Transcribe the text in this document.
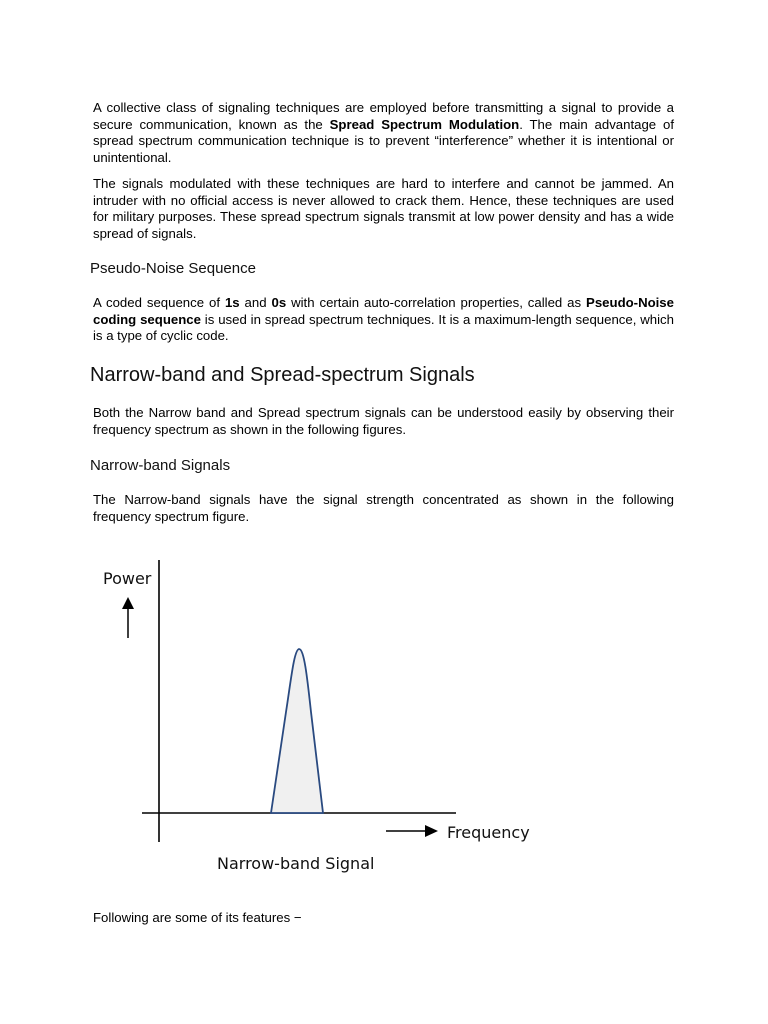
A collective class of signaling techniques are employed before transmitting a signal to provide a secure communication, known as the Spread Spectrum Modulation. The main advantage of spread spectrum communication technique is to prevent “interference” whether it is intentional or unintentional.

The signals modulated with these techniques are hard to interfere and cannot be jammed. An intruder with no official access is never allowed to crack them. Hence, these techniques are used for military purposes. These spread spectrum signals transmit at low power density and has a wide spread of signals.

Pseudo-Noise Sequence

A coded sequence of 1s and 0s with certain auto-correlation properties, called as Pseudo-Noise coding sequence is used in spread spectrum techniques. It is a maximum-length sequence, which is a type of cyclic code.

Narrow-band and Spread-spectrum Signals

Both the Narrow band and Spread spectrum signals can be understood easily by observing their frequency spectrum as shown in the following figures.

Narrow-band Signals

The Narrow-band signals have the signal strength concentrated as shown in the following frequency spectrum figure.

Following are some of its features −

Power
Frequency
Narrow-band Signal
